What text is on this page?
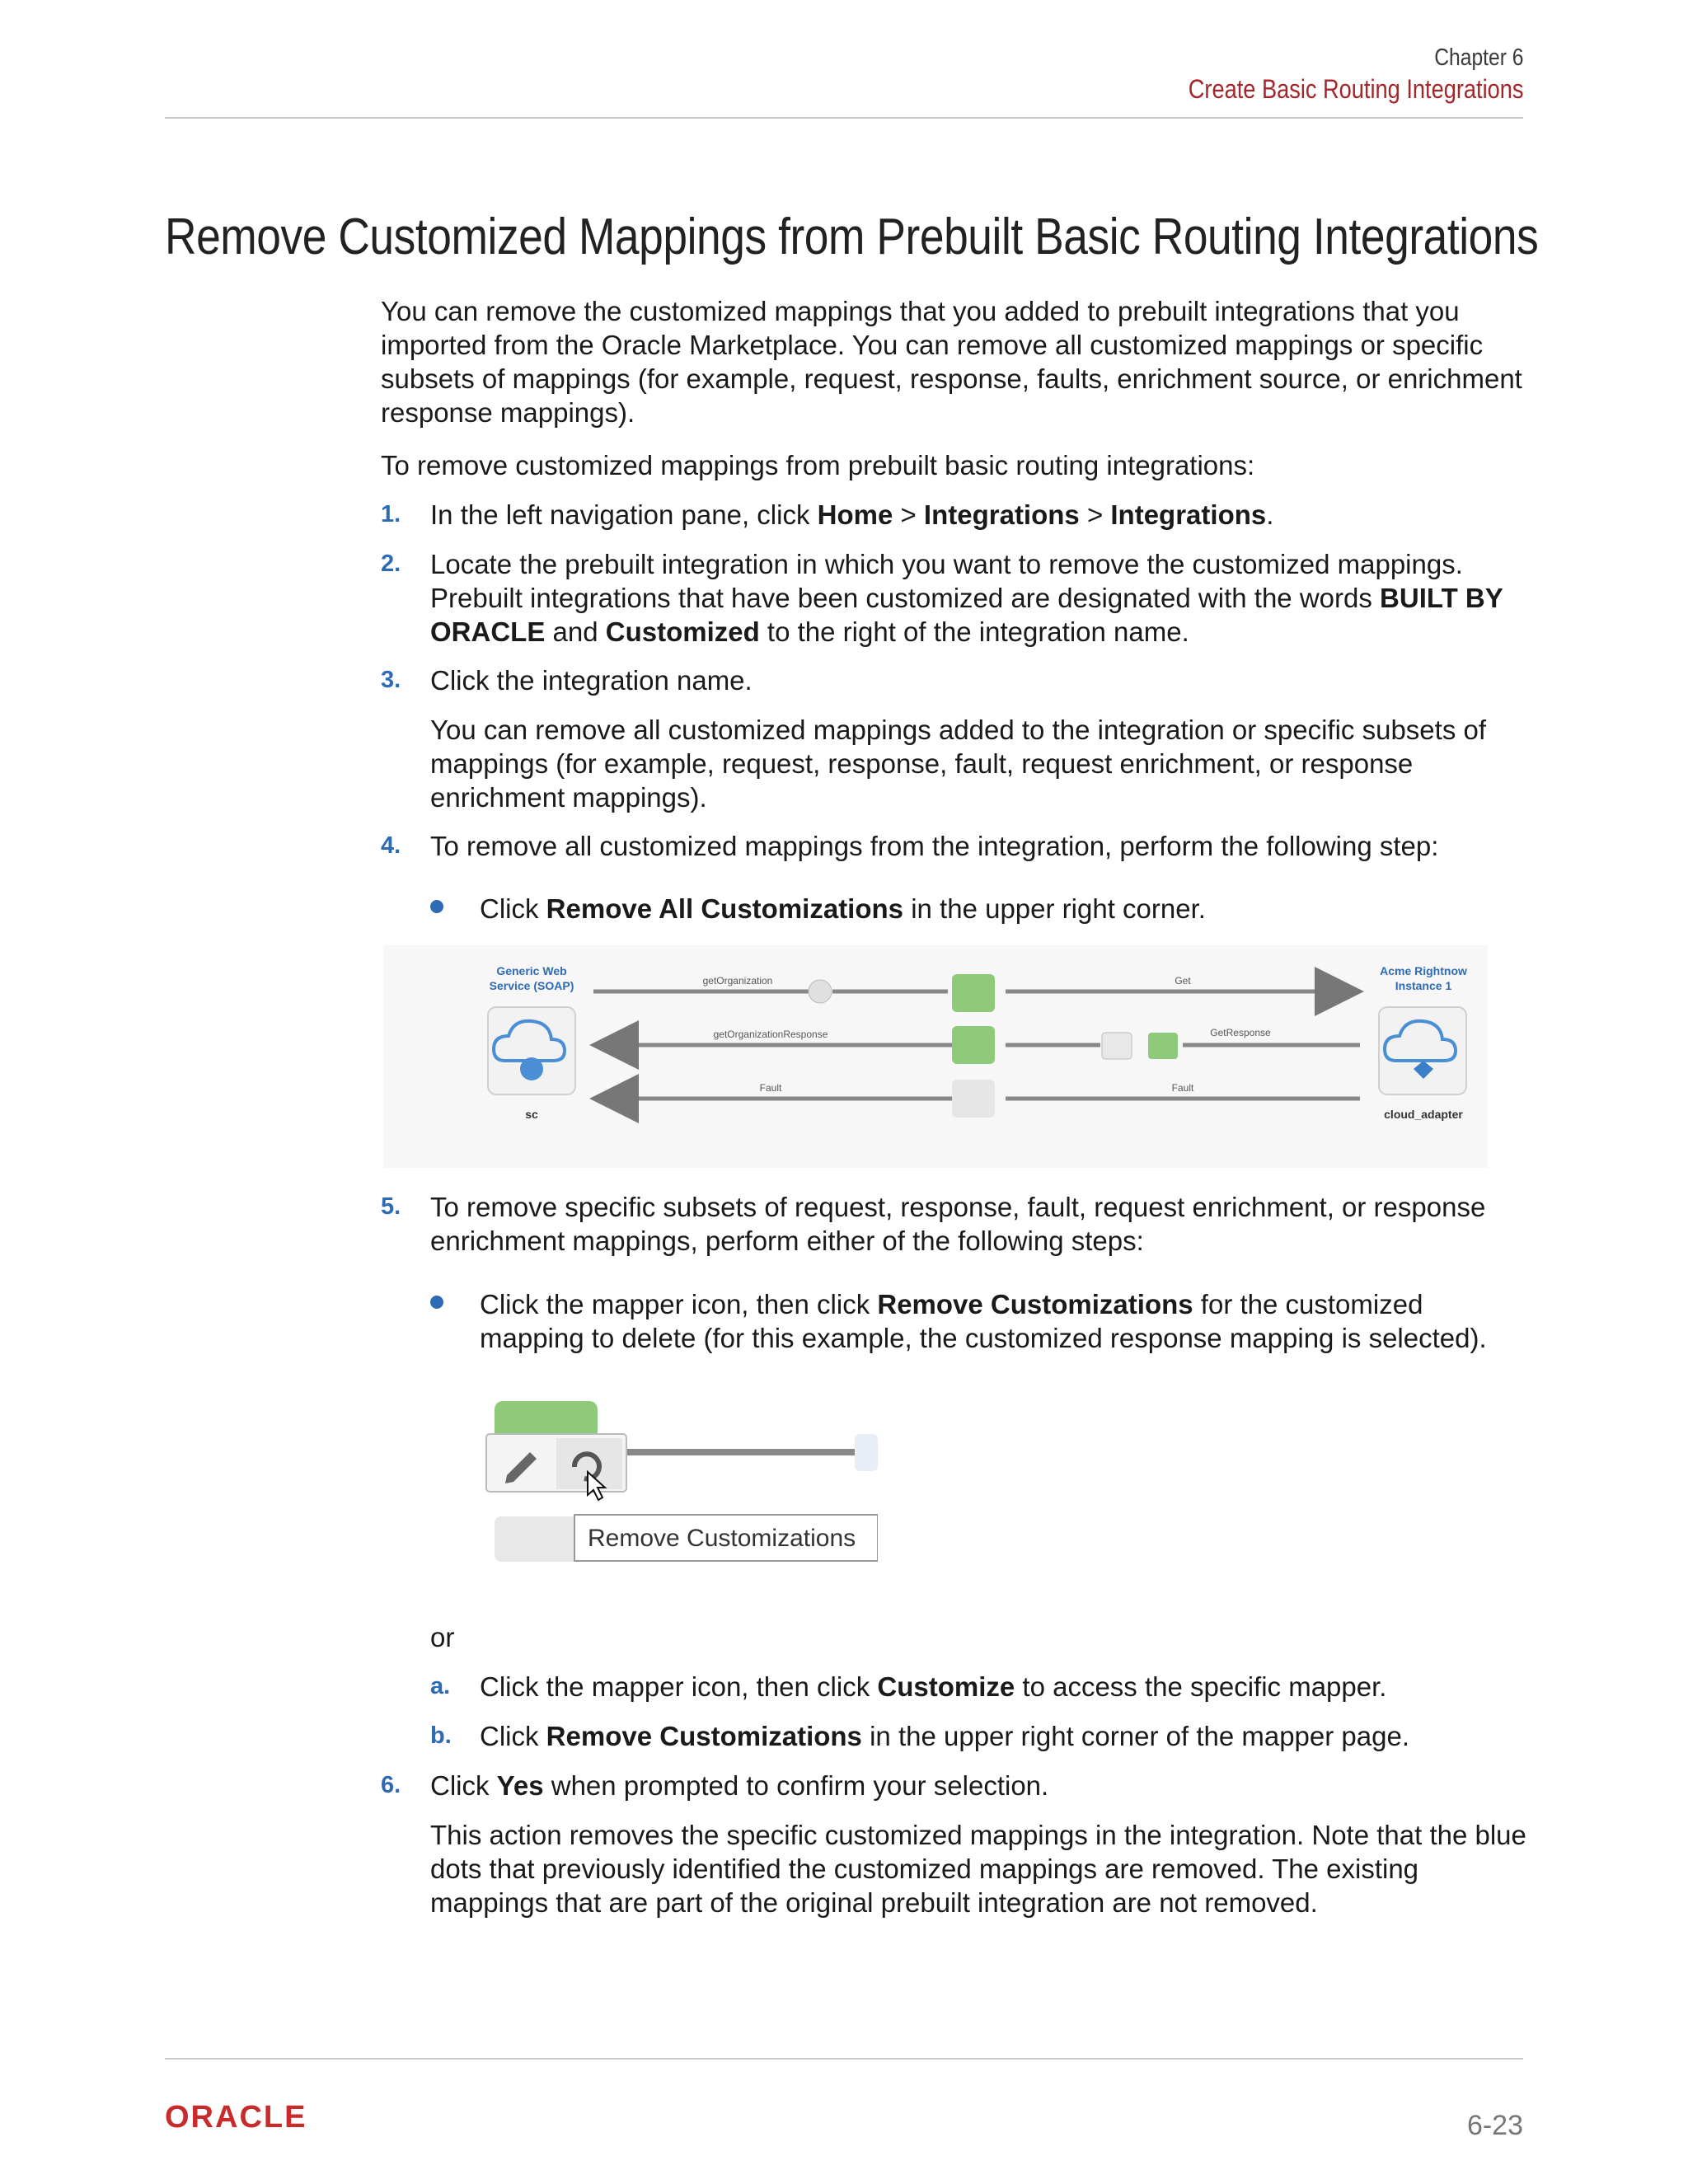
Chapter 6
Create Basic Routing Integrations
Remove Customized Mappings from Prebuilt Basic Routing Integrations

You can remove the customized mappings that you added to prebuilt integrations that you imported from the Oracle Marketplace. You can remove all customized mappings or specific subsets of mappings (for example, request, response, faults, enrichment source, or enrichment response mappings).

To remove customized mappings from prebuilt basic routing integrations:

1. In the left navigation pane, click Home > Integrations > Integrations.
2. Locate the prebuilt integration in which you want to remove the customized mappings. Prebuilt integrations that have been customized are designated with the words BUILT BY ORACLE and Customized to the right of the integration name.
3. Click the integration name.
You can remove all customized mappings added to the integration or specific subsets of mappings (for example, request, response, fault, request enrichment, or response enrichment mappings).
4. To remove all customized mappings from the integration, perform the following step:
Click Remove All Customizations in the upper right corner.
Generic Web
Service (SOAP)
sc
Acme Rightnow
Instance 1
cloud_adapter
getOrganization	Get
getOrganizationResponse	GetResponse
Fault	Fault
5. To remove specific subsets of request, response, fault, request enrichment, or response enrichment mappings, perform either of the following steps:
Click the mapper icon, then click Remove Customizations for the customized mapping to delete (for this example, the customized response mapping is selected).
or
a. Click the mapper icon, then click Customize to access the specific mapper.
b. Click Remove Customizations in the upper right corner of the mapper page.
Remove Customizations
6. Click Yes when prompted to confirm your selection.
This action removes the specific customized mappings in the integration. Note that the blue dots that previously identified the customized mappings are removed. The existing mappings that are part of the original prebuilt integration are not removed.
ORACLE	6-23
